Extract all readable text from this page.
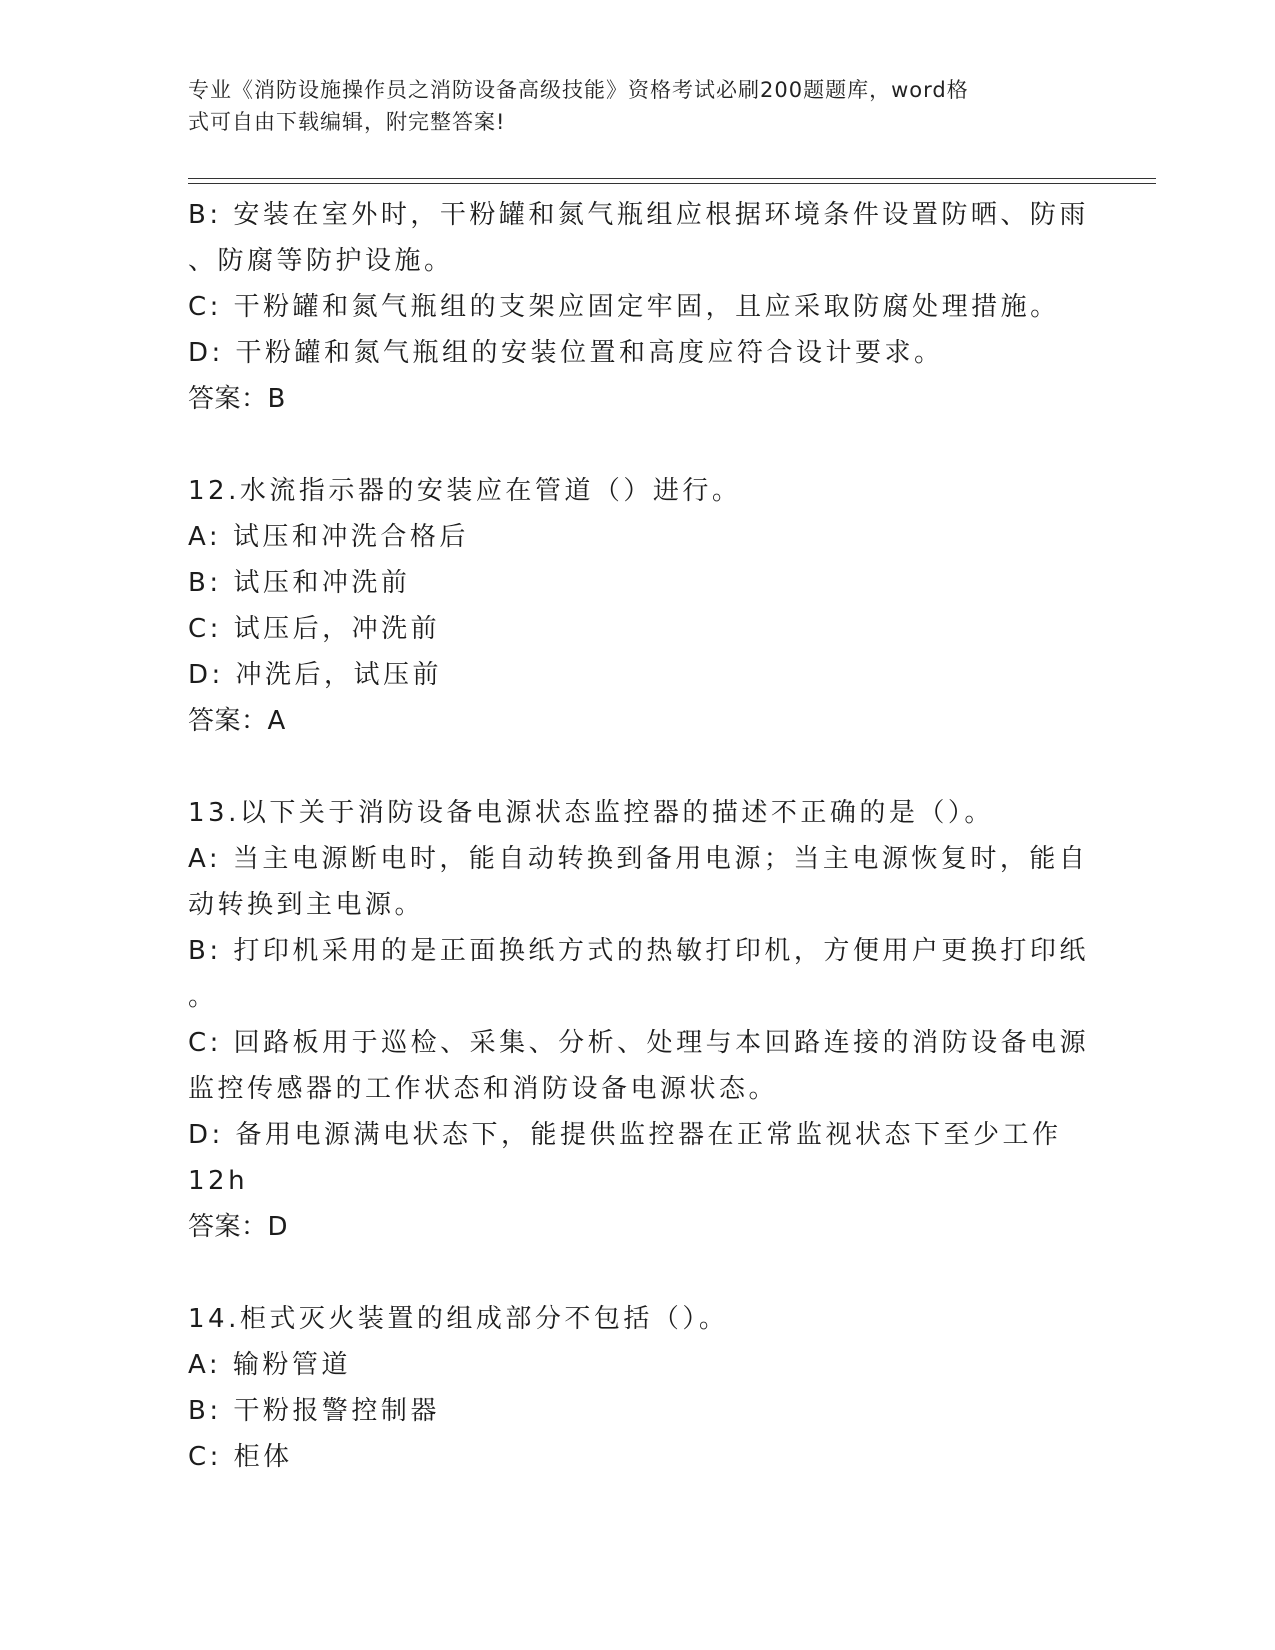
专业《消防设施操作员之消防设备高级技能》资格考试必刷200题题库，word格
式可自由下载编辑，附完整答案!
B: 安装在室外时，干粉罐和氮气瓶组应根据环境条件设置防晒、防雨
、防腐等防护设施。
C: 干粉罐和氮气瓶组的支架应固定牢固，且应采取防腐处理措施。
D: 干粉罐和氮气瓶组的安装位置和高度应符合设计要求。
答案：B
12.水流指示器的安装应在管道（）进行。
A: 试压和冲洗合格后
B: 试压和冲洗前
C: 试压后，冲洗前
D: 冲洗后，试压前
答案：A
13.以下关于消防设备电源状态监控器的描述不正确的是（）。
A: 当主电源断电时，能自动转换到备用电源；当主电源恢复时，能自
动转换到主电源。
B: 打印机采用的是正面换纸方式的热敏打印机，方便用户更换打印纸
。
C: 回路板用于巡检、采集、分析、处理与本回路连接的消防设备电源
监控传感器的工作状态和消防设备电源状态。
D: 备用电源满电状态下，能提供监控器在正常监视状态下至少工作
12h
答案：D
14.柜式灭火装置的组成部分不包括（）。
A: 输粉管道
B: 干粉报警控制器
C: 柜体
